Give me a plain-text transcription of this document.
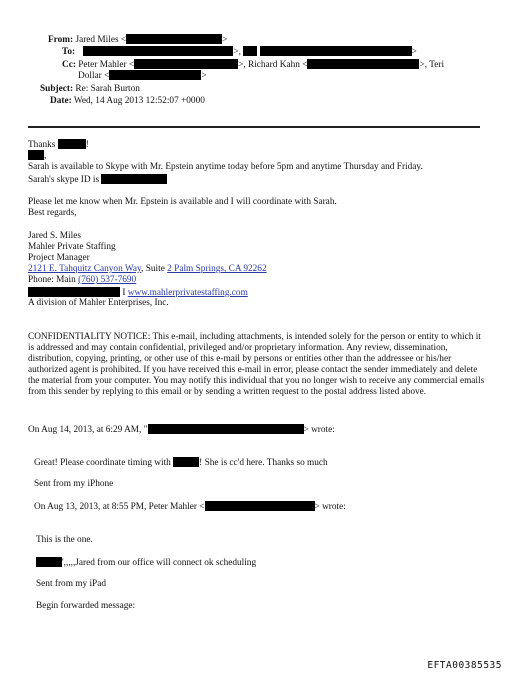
From: Jared Miles <	>
To:	>,	>
Cc: Peter Mahler <	>, Richard Kahn <	>, Teri
Dollar <	>
Subject: Re: Sarah Burton
Date: Wed, 14 Aug 2013 12:52:07 +0000
Thanks	!
,
Sarah is available to Skype with Mr. Epstein anytime today before 5pm and anytime Thursday and Friday.
Sarah's skype ID is
Please let me know when Mr. Epstein is available and I will coordinate with Sarah.
Best regards,
Jared S. Miles
Mahler Private Staffing
Project Manager
2121 E. Tahquitz Canyon Way, Suite 2 Palm Springs, CA 92262
Phone: Main (760) 537-7690
I www.mahlerprivatestaffing.com
A division of Mahler Enterprises, Inc.
CONFIDENTIALITY NOTICE: This e-mail, including attachments, is intended solely for the person or entity to which it is addressed and may contain confidential, privileged and/or proprietary information. Any review, dissemination, distribution, copying, printing, or other use of this e-mail by persons or entities other than the addressee or his/her authorized agent is prohibited. If you have received this e-mail in error, please contact the sender immediately and delete the material from your computer. You may notify this individual that you no longer wish to receive any commercial emails from this sender by replying to this email or by sending a written request to the postal address listed above.
On Aug 14, 2013, at 6:29 AM, "	> wrote:
Great! Please coordinate timing with	! She is cc'd here. Thanks so much
Sent from my iPhone
On Aug 13, 2013, at 8:55 PM, Peter Mahler <	> wrote:
This is the one.
',,,,,Jared from our office will connect ok scheduling
Sent from my iPad
Begin forwarded message:
EFTA00385535
